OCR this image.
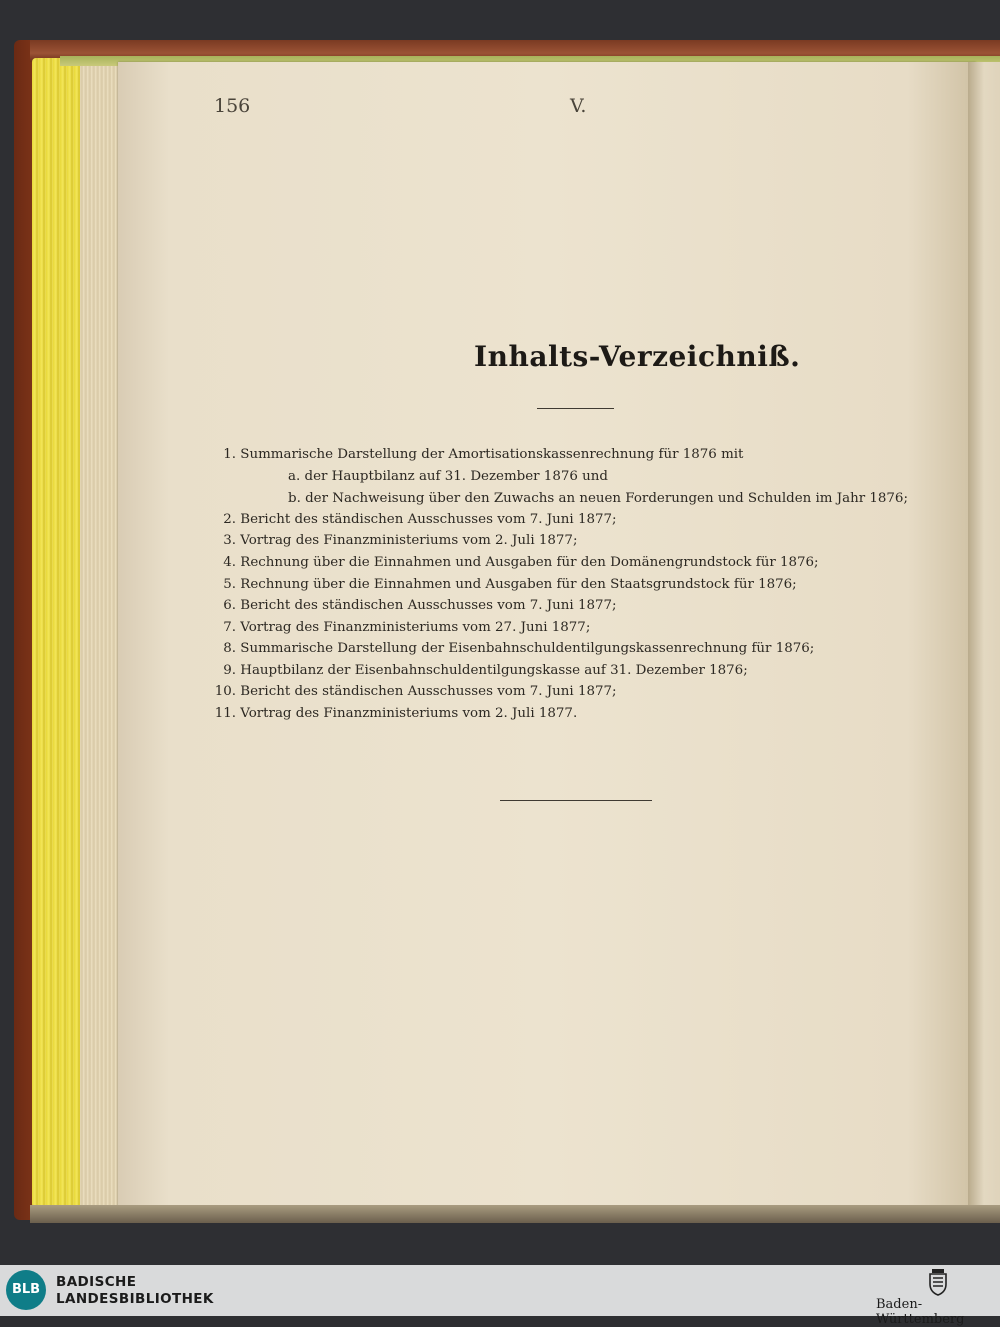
156	V.
Inhalts-Verzeichniß.
1. Summarische Darstellung der Amortisationskassenrechnung für 1876 mit
a. der Hauptbilanz auf 31. Dezember 1876 und
b. der Nachweisung über den Zuwachs an neuen Forderungen und Schulden im Jahr 1876;
2. Bericht des ständischen Ausschusses vom 7. Juni 1877;
3. Vortrag des Finanzministeriums vom 2. Juli 1877;
4. Rechnung über die Einnahmen und Ausgaben für den Domänengrundstock für 1876;
5. Rechnung über die Einnahmen und Ausgaben für den Staatsgrundstock für 1876;
6. Bericht des ständischen Ausschusses vom 7. Juni 1877;
7. Vortrag des Finanzministeriums vom 27. Juni 1877;
8. Summarische Darstellung der Eisenbahnschuldentilgungskassenrechnung für 1876;
9. Hauptbilanz der Eisenbahnschuldentilgungskasse auf 31. Dezember 1876;
10. Bericht des ständischen Ausschusses vom 7. Juni 1877;
11. Vortrag des Finanzministeriums vom 2. Juli 1877.
BLB	BADISCHE
LANDESBIBLIOTHEK	Baden-Württemberg
